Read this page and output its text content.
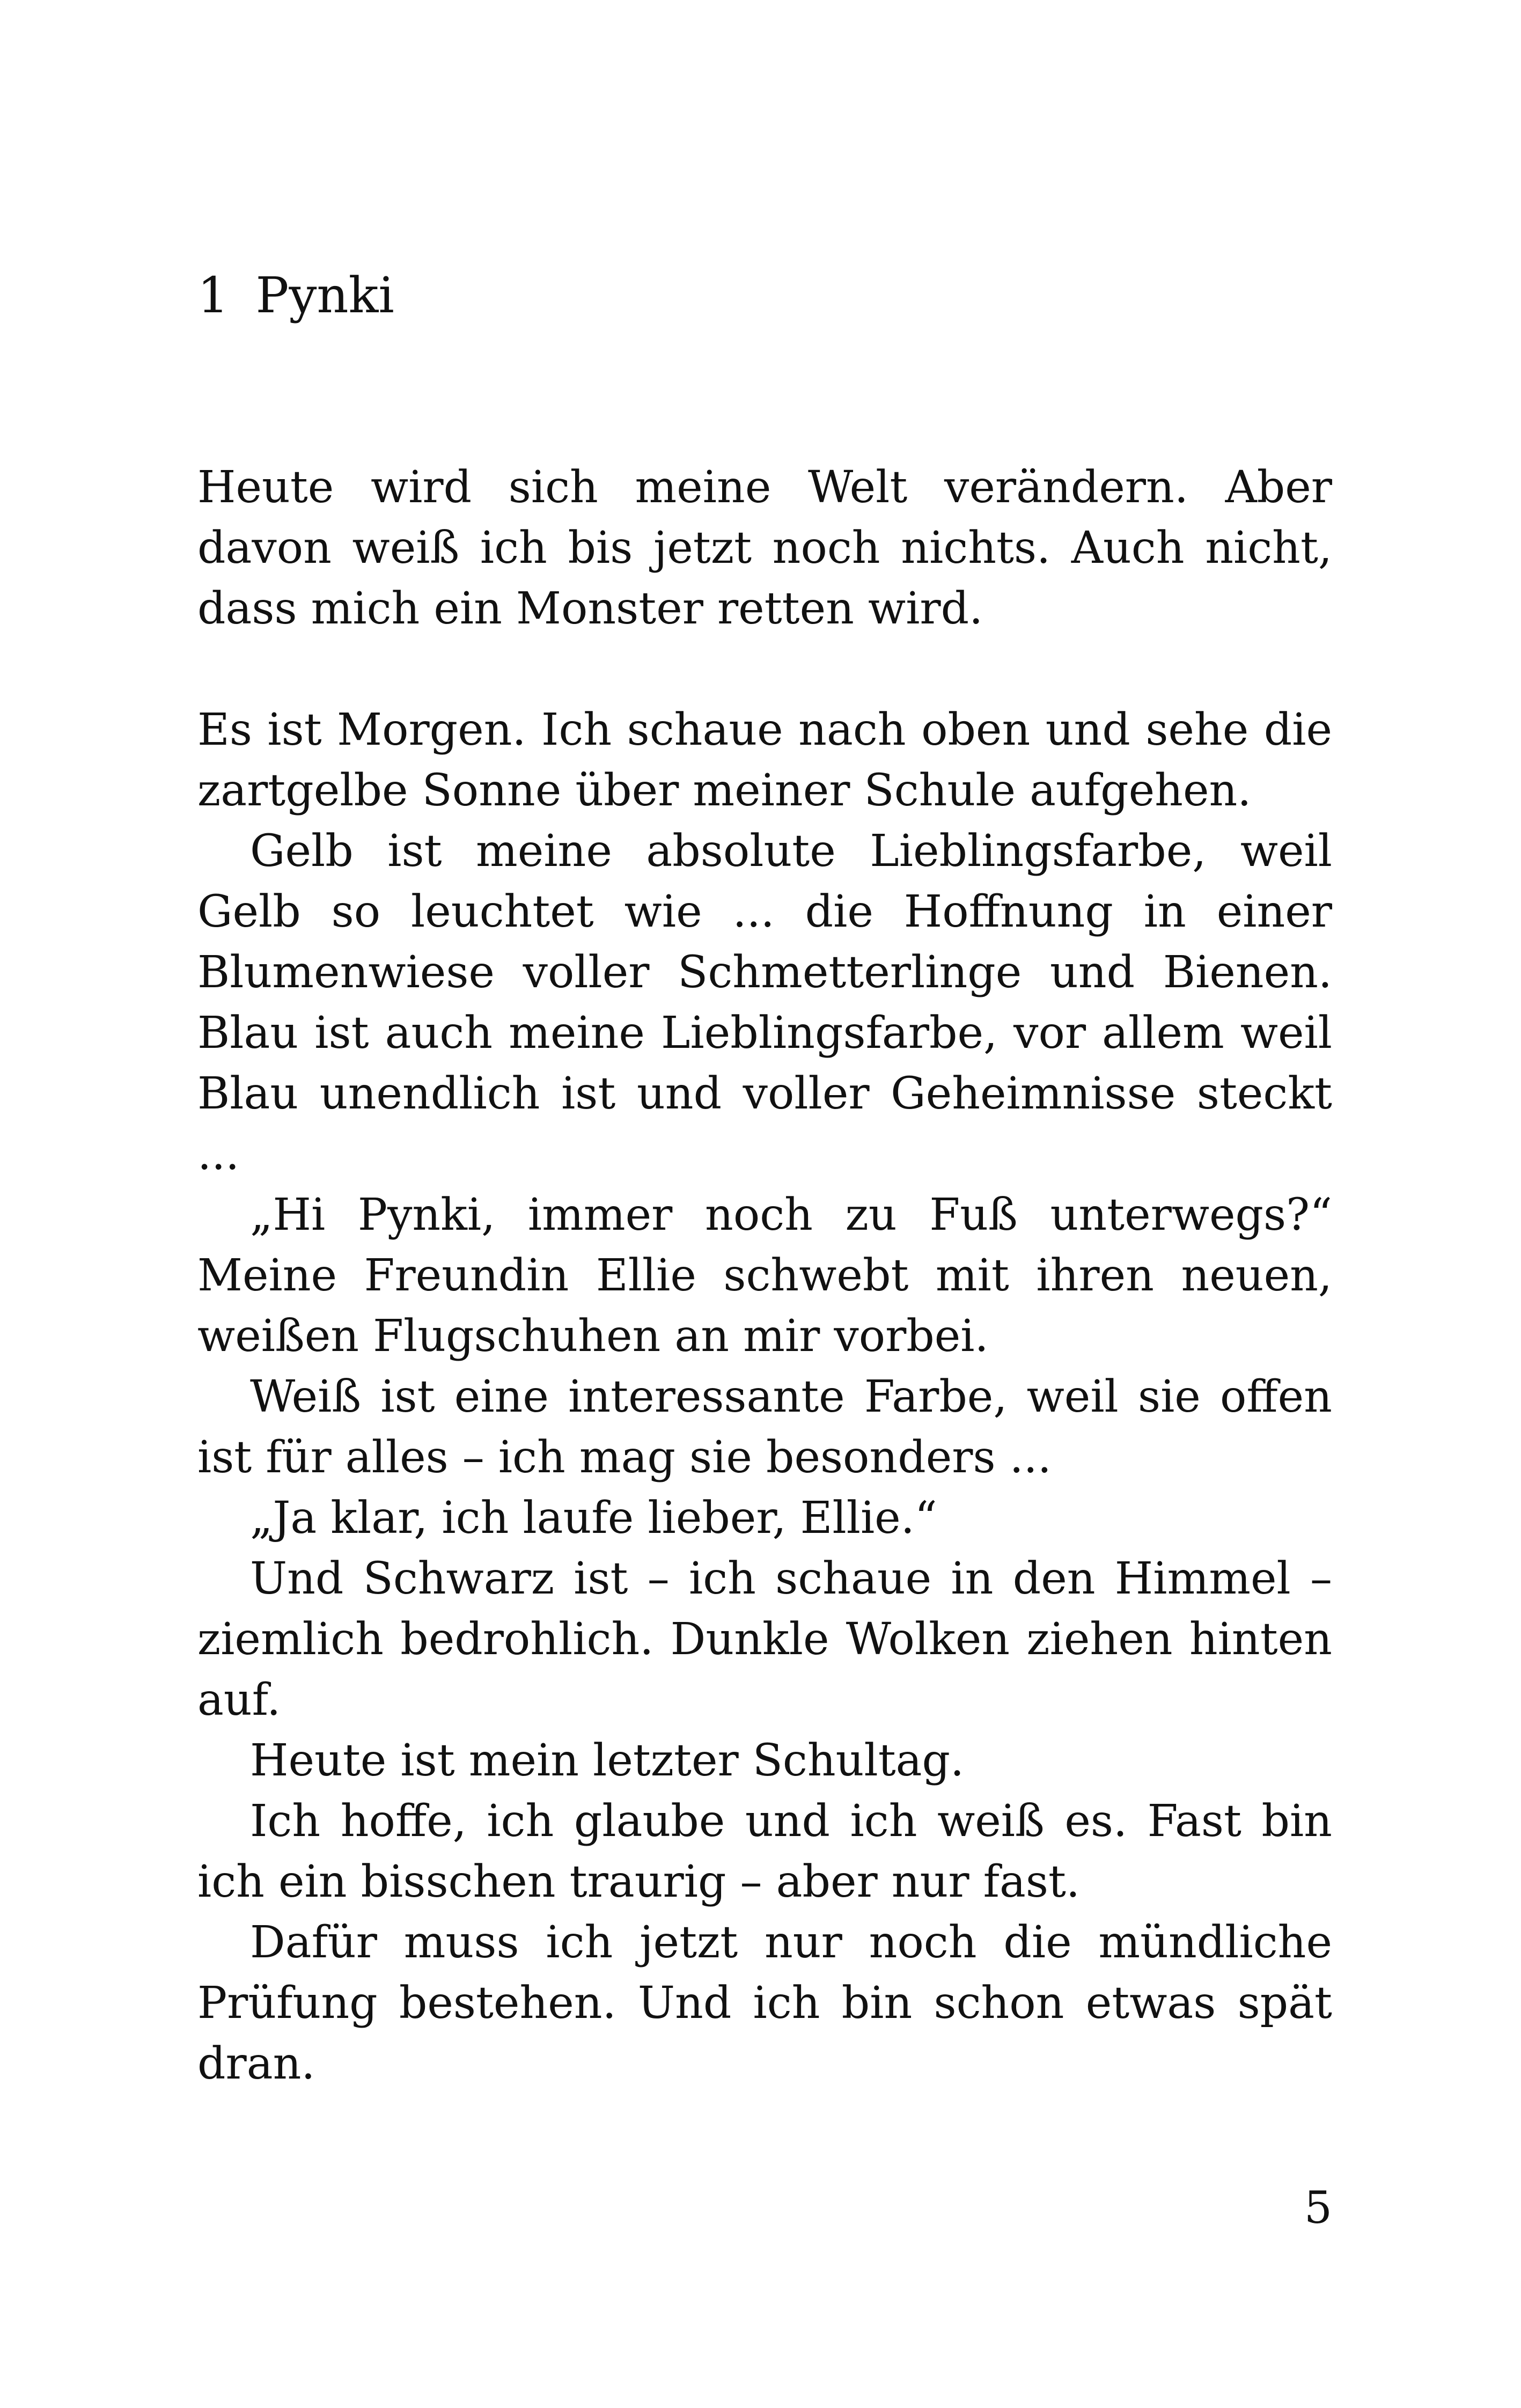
1 Pynki

Heute wird sich meine Welt verändern. Aber davon weiß ich bis jetzt noch nichts. Auch nicht, dass mich ein Monster retten wird.

Es ist Morgen. Ich schaue nach oben und sehe die zartgelbe Sonne über meiner Schule aufgehen.

Gelb ist meine absolute Lieblingsfarbe, weil Gelb so leuchtet wie ... die Hoffnung in einer Blumenwiese voller Schmetterlinge und Bienen. Blau ist auch meine Lieblingsfarbe, vor allem weil Blau unendlich ist und voller Geheimnisse steckt ...

„Hi Pynki, immer noch zu Fuß unterwegs?“ Meine Freundin Ellie schwebt mit ihren neuen, weißen Flugschuhen an mir vorbei.

Weiß ist eine interessante Farbe, weil sie offen ist für alles – ich mag sie besonders ...

„Ja klar, ich laufe lieber, Ellie.“

Und Schwarz ist – ich schaue in den Himmel – ziemlich bedrohlich. Dunkle Wolken ziehen hinten auf.

Heute ist mein letzter Schultag.

Ich hoffe, ich glaube und ich weiß es. Fast bin ich ein bisschen traurig – aber nur fast.

Dafür muss ich jetzt nur noch die mündliche Prüfung bestehen. Und ich bin schon etwas spät dran.

5
